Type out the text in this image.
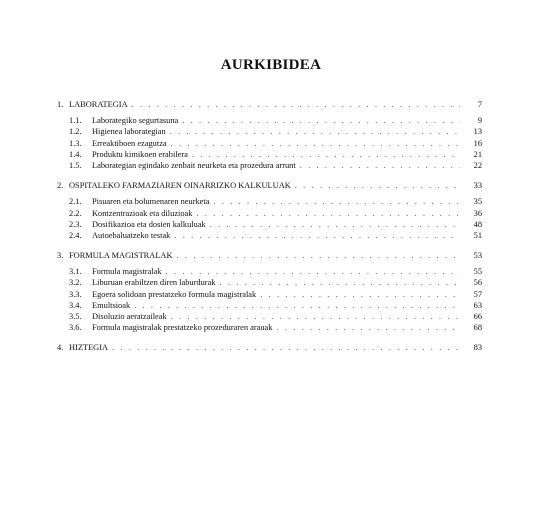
AURKIBIDEA
1. LABORATEGIA . . .	7
1.1.	Laborategiko segurtasuna . . .	9
1.2.	Higienea laborategian . . .	13
1.3.	Erreaktiboen ezagutza . . .	16
1.4.	Produktu kimikoen erabilera . . .	21
1.5.	Laborategian egindako zenbait neurketa eta prozedura arrunt . . .	22
2. OSPITALEKO FARMAZIAREN OINARRIZKO KALKULUAK . . .	33
2.1.	Pisuaren eta bolumenaren neurketa . . .	35
2.2.	Kontzentrazioak eta diluzioak . . .	36
2.3.	Dosifikazioa eta dosien kalkuluak . . .	48
2.4.	Autoebaluatzeko testak . . .	51
3. FORMULA MAGISTRALAK . . .	53
3.1.	Formula magistralak . . .	55
3.2.	Liburuan erabiltzen diren laburdurak . . .	56
3.3.	Egoera solidoan prestatzeko formula magistralak . . .	57
3.4.	Emultsioak . . .	63
3.5.	Disoluzio aeratzaileak . . .	66
3.6.	Formula magistralak prestatzeko prozeduraren arauak . . .	68
4. HIZTEGIA . . .	83
